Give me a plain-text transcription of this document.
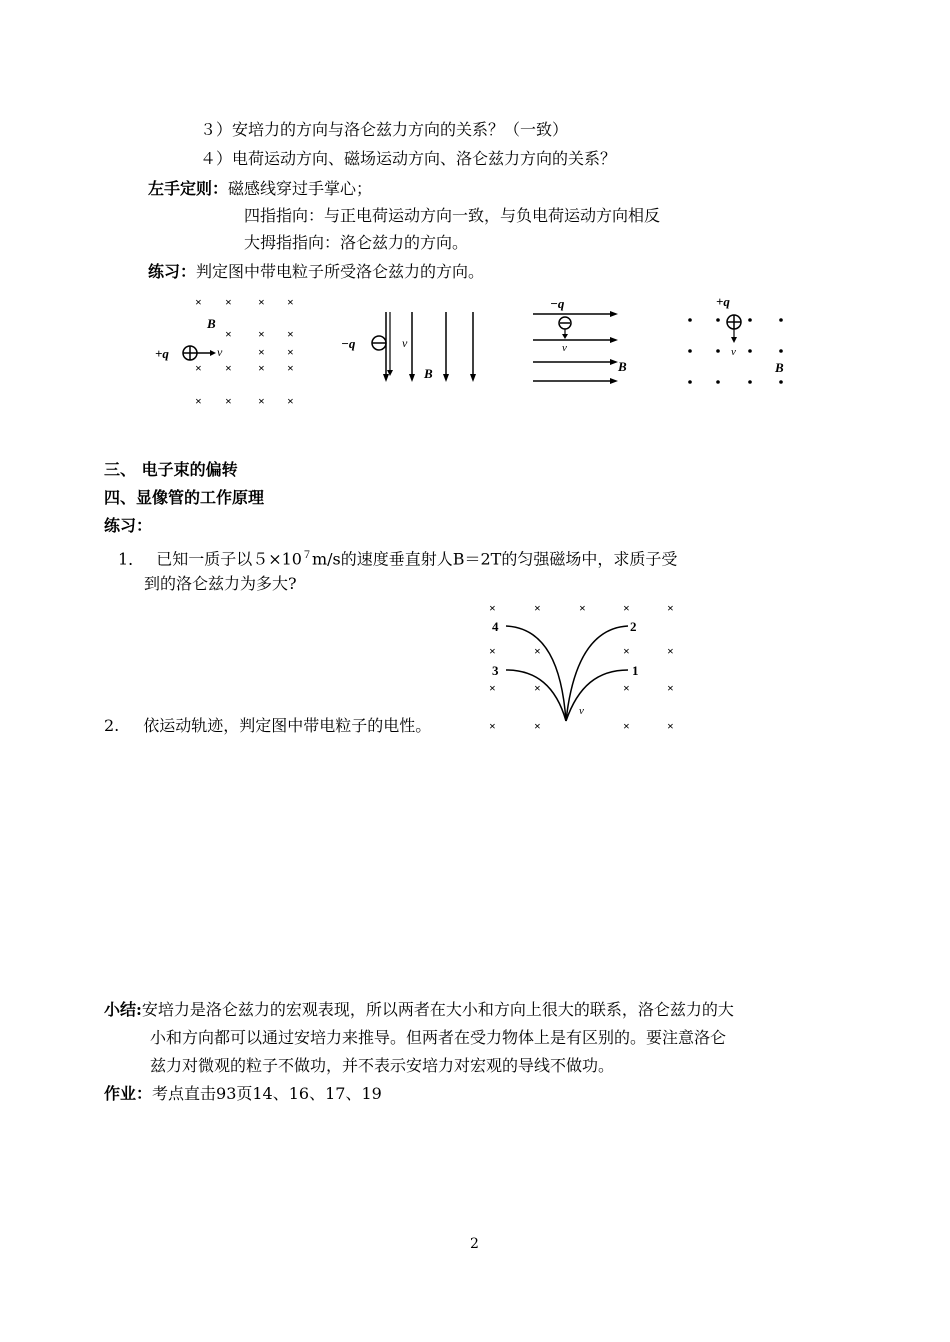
３）安培力的方向与洛仑兹力方向的关系？（一致）
４）电荷运动方向、磁场运动方向、洛仑兹力方向的关系？
左手定则：磁感线穿过手掌心；
四指指向：与正电荷运动方向一致，与负电荷运动方向相反
大拇指指向：洛仑兹力的方向。
练习：判定图中带电粒子所受洛仑兹力的方向。
× × × ×
× × ×
× ×
× × × ×
× × × ×
B
+q	v
−q	v
B
−q
v
B
+q
v
B
三、 电子束的偏转
四、显像管的工作原理
练习：
1． 已知一质子以$5\times 10^7m/s$的速度垂直射人B＝2T的匀强磁场中，求质子受
到的洛仑兹力为多大?
×	×	×	×	×
×	×	×	×
×	×	×	×
×	×	×	×
4
3
2
1
v
2. 依运动轨迹，判定图中带电粒子的电性。
小结:安培力是洛仑兹力的宏观表现，所以两者在大小和方向上很大的联系，洛仑兹力的大
小和方向都可以通过安培力来推导。但两者在受力物体上是有区别的。要注意洛仑
兹力对微观的粒子不做功，并不表示安培力对宏观的导线不做功。
作业：考点直击93页14、16、17、19
2
